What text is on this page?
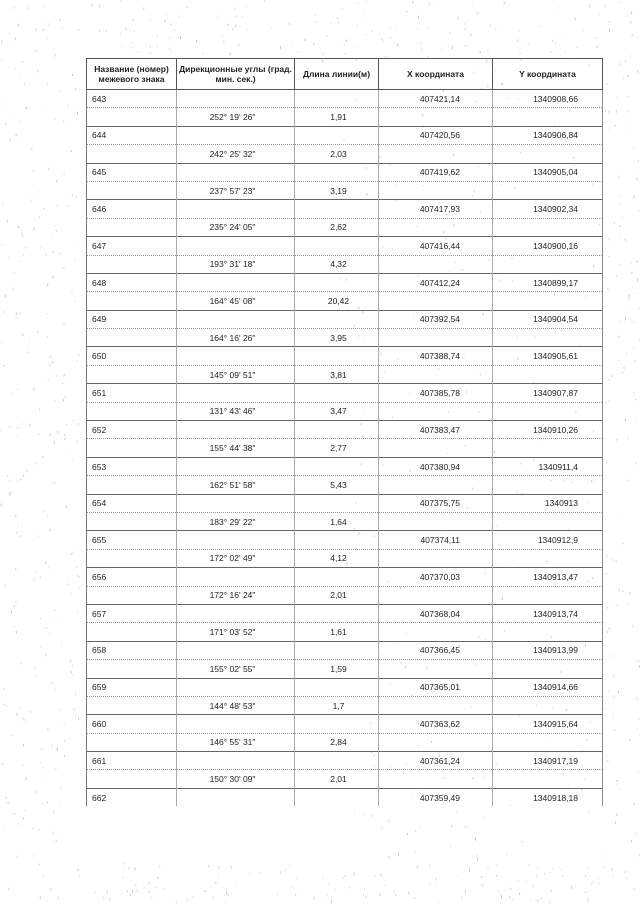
Название (номер) межевого знака	Дирекционные углы (град. мин. сек.)	Длина линии(м)	X координата	Y координата
643			407421,14	1340908,66
	252° 19' 26"	1,91		
644			407420,56	1340906,84
	242° 25' 32"	2,03		
645			407419,62	1340905,04
	237° 57' 23"	3,19		
646			407417,93	1340902,34
	235° 24' 05"	2,62		
647			407416,44	1340900,16
	193° 31' 18"	4,32		
648			407412,24	1340899,17
	164° 45' 08"	20,42		
649			407392,54	1340904,54
	164° 16' 26"	3,95		
650			407388,74	1340905,61
	145° 09' 51"	3,81		
651			407385,78	1340907,87
	131° 43' 46"	3,47		
652			407383,47	1340910,26
	155° 44' 38"	2,77		
653			407380,94	1340911,4
	162° 51' 58"	5,43		
654			407375,75	1340913
	183° 29' 22"	1,64		
655			407374,11	1340912,9
	172° 02' 49"	4,12		
656			407370,03	1340913,47
	172° 16' 24"	2,01		
657			407368,04	1340913,74
	171° 03' 52"	1,61		
658			407366,45	1340913,99
	155° 02' 55"	1,59		
659			407365,01	1340914,66
	144° 48' 53"	1,7		
660			407363,62	1340915,64
	146° 55' 31"	2,84		
661			407361,24	1340917,19
	150° 30' 09"	2,01		
662			407359,49	1340918,18
